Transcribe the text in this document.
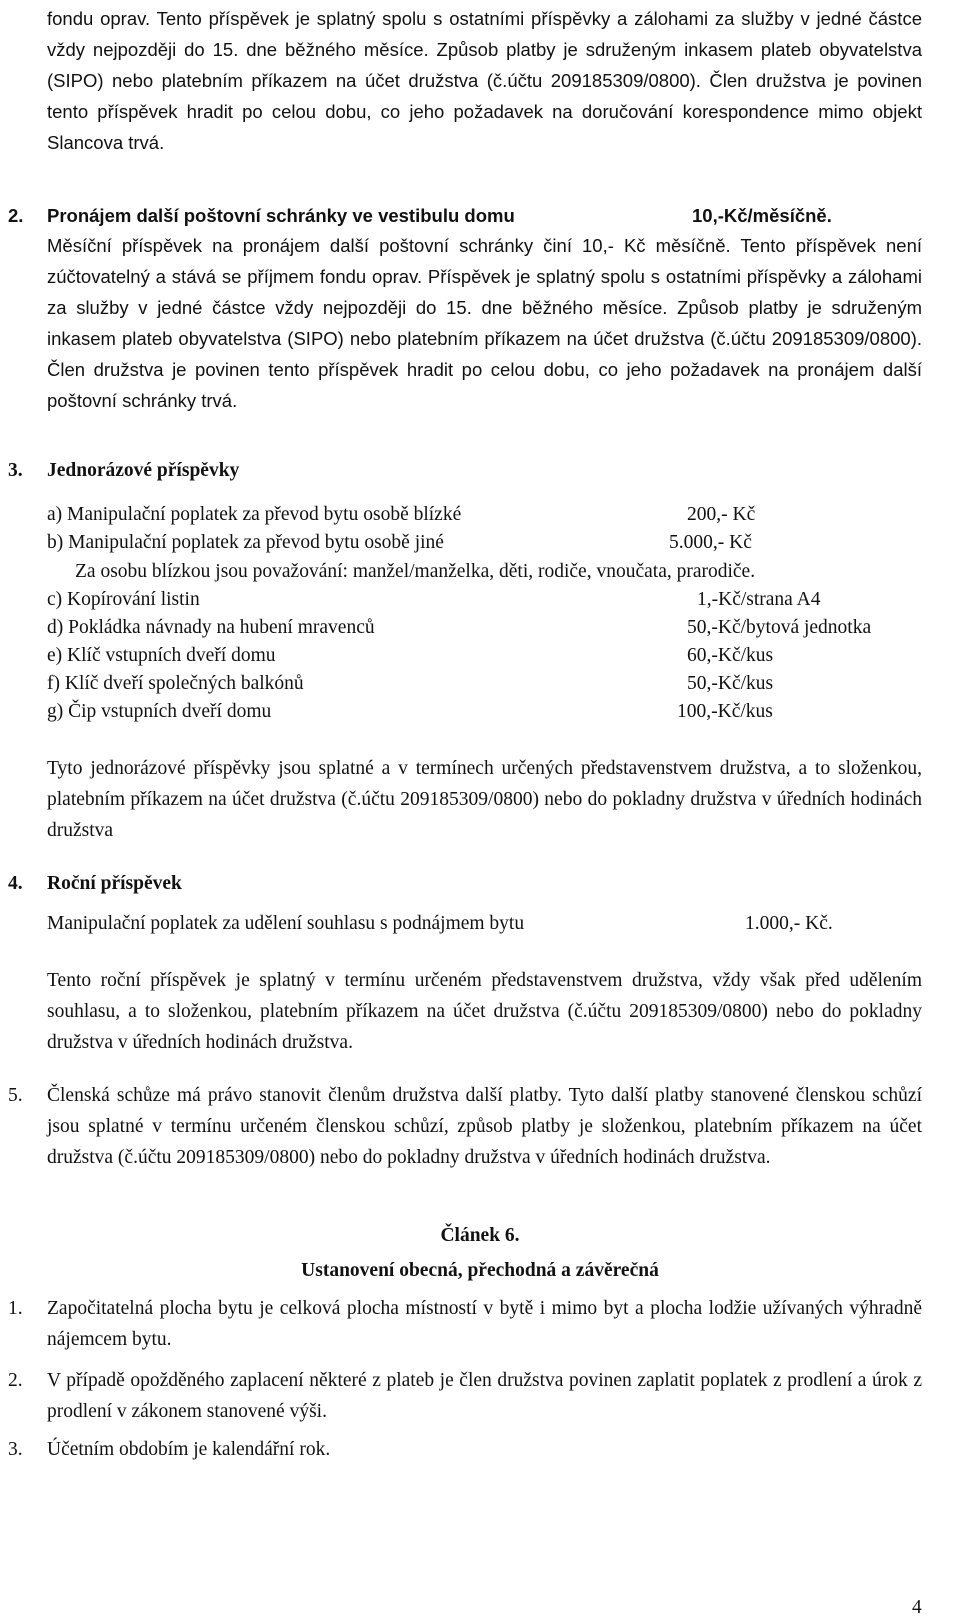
fondu oprav. Tento příspěvek je splatný spolu s ostatními příspěvky a zálohami za služby v jedné částce vždy nejpozději do 15. dne běžného měsíce. Způsob platby je sdruženým inkasem plateb obyvatelstva (SIPO) nebo platebním příkazem na účet družstva (č.účtu 209185309/0800). Člen družstva je povinen tento příspěvek hradit po celou dobu, co jeho požadavek na doručování korespondence mimo objekt Slancova trvá.
2. Pronájem další poštovní schránky ve vestibulu domu	10,-Kč/měsíčně.
Měsíční příspěvek na pronájem další poštovní schránky činí 10,- Kč měsíčně. Tento příspěvek není zúčtovatelný a stává se příjmem fondu oprav. Příspěvek je splatný spolu s ostatními příspěvky a zálohami za služby v jedné částce vždy nejpozději do 15. dne běžného měsíce. Způsob platby je sdruženým inkasem plateb obyvatelstva (SIPO) nebo platebním příkazem na účet družstva (č.účtu 209185309/0800). Člen družstva je povinen tento příspěvek hradit po celou dobu, co jeho požadavek na pronájem další poštovní schránky trvá.
3. Jednorázové příspěvky
a) Manipulační poplatek za převod bytu osobě blízké	200,- Kč
b) Manipulační poplatek za převod bytu osobě jiné	5.000,- Kč
Za osobu blízkou jsou považování: manžel/manželka, děti, rodiče, vnoučata, prarodiče.
c) Kopírování listin	1,-Kč/strana A4
d) Pokládka návnady na hubení mravenců	50,-Kč/bytová jednotka
e) Klíč vstupních dveří domu	60,-Kč/kus
f) Klíč dveří společných balkónů	50,-Kč/kus
g) Čip vstupních dveří domu	100,-Kč/kus
Tyto jednorázové příspěvky jsou splatné a v termínech určených představenstvem družstva, a to složenkou, platebním příkazem na účet družstva (č.účtu 209185309/0800) nebo do pokladny družstva v úředních hodinách družstva
4. Roční příspěvek
Manipulační poplatek za udělení souhlasu s podnájmem bytu	1.000,- Kč.
Tento roční příspěvek je splatný v termínu určeném představenstvem družstva, vždy však před udělením souhlasu, a to složenkou, platebním příkazem na účet družstva (č.účtu 209185309/0800) nebo do pokladny družstva v úředních hodinách družstva.
5. Členská schůze má právo stanovit členům družstva další platby. Tyto další platby stanovené členskou schůzí jsou splatné v termínu určeném členskou schůzí, způsob platby je složenkou, platebním příkazem na účet družstva (č.účtu 209185309/0800) nebo do pokladny družstva v úředních hodinách družstva.
Článek 6.
Ustanovení obecná, přechodná a závěrečná
1. Započitatelná plocha bytu je celková plocha místností v bytě i mimo byt a plocha lodžie užívaných výhradně nájemcem bytu.
2. V případě opožděného zaplacení některé z plateb je člen družstva povinen zaplatit poplatek z prodlení a úrok z prodlení v zákonem stanovené výši.
3. Účetním obdobím je kalendářní rok.
4
